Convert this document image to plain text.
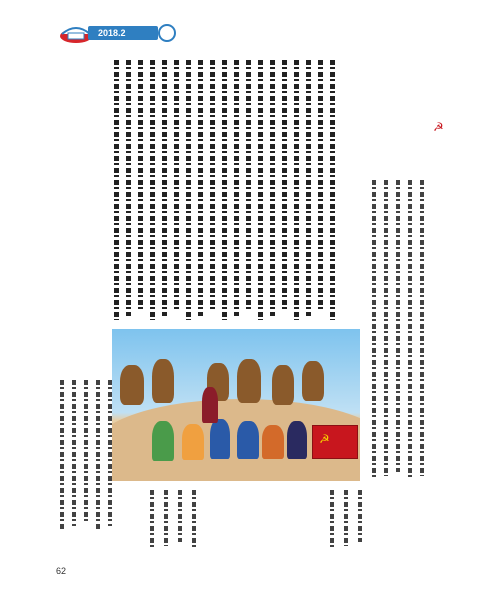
2018.2
☭
☭
62
